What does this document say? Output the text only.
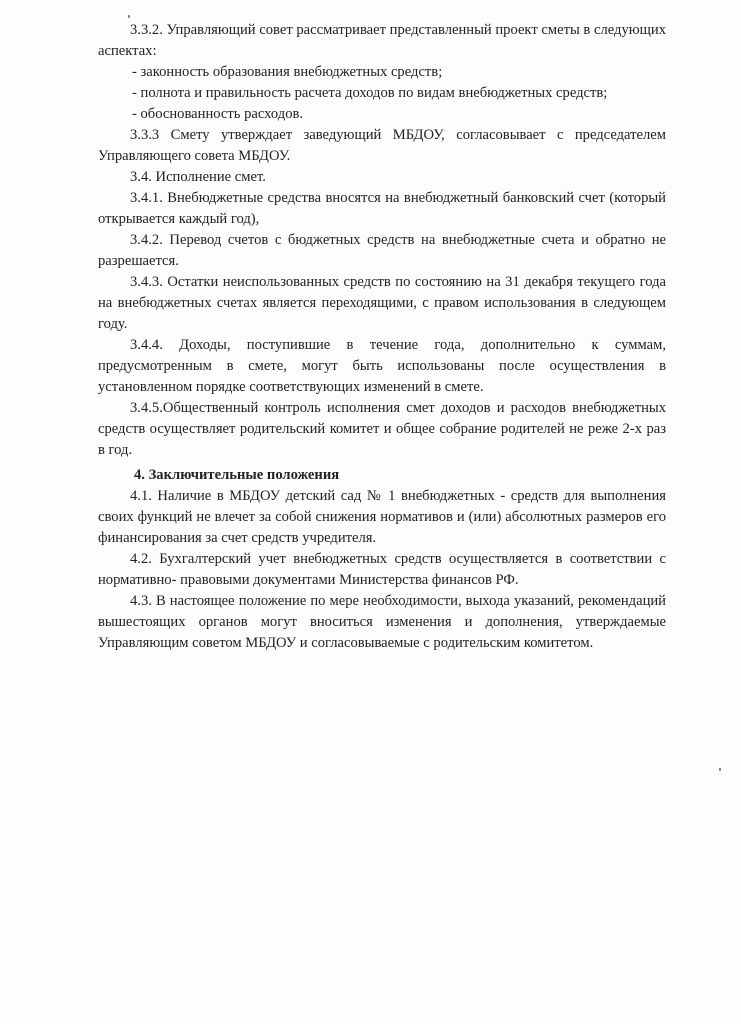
3.3.2. Управляющий совет рассматривает представленный проект сметы в следующих аспектах:

- законность образования внебюджетных средств;

- полнота и правильность расчета доходов по видам внебюджетных средств;

- обоснованность расходов.

3.3.3 Смету утверждает заведующий МБДОУ, согласовывает с председателем Управляющего совета МБДОУ.

3.4. Исполнение смет.

3.4.1. Внебюджетные средства вносятся на внебюджетный банковский счет (который открывается каждый год),

3.4.2. Перевод счетов с бюджетных средств на внебюджетные счета и обратно не разрешается.

3.4.3. Остатки неиспользованных средств по состоянию на 31 декабря текущего года на внебюджетных счетах является переходящими, с правом использования в следующем году.

3.4.4. Доходы, поступившие в течение года, дополнительно к суммам, предусмотренным в смете, могут быть использованы после осуществления в установленном порядке соответствующих изменений в смете.

3.4.5.Общественный контроль исполнения смет доходов и расходов внебюджетных средств осуществляет родительский комитет и общее собрание родителей не реже 2-х раз в год.

4. Заключительные положения

4.1. Наличие в МБДОУ детский сад № 1 внебюджетных - средств для выполнения своих функций не влечет за собой снижения нормативов и (или) абсолютных размеров его финансирования за счет средств учредителя.

4.2. Бухгалтерский учет внебюджетных средств осуществляется в соответствии с нормативно- правовыми документами Министерства финансов РФ.

4.3. В настоящее положение по мере необходимости, выхода указаний, рекомендаций вышестоящих органов могут вноситься изменения и дополнения, утверждаемые Управляющим советом МБДОУ и согласовываемые с родительским комитетом.
